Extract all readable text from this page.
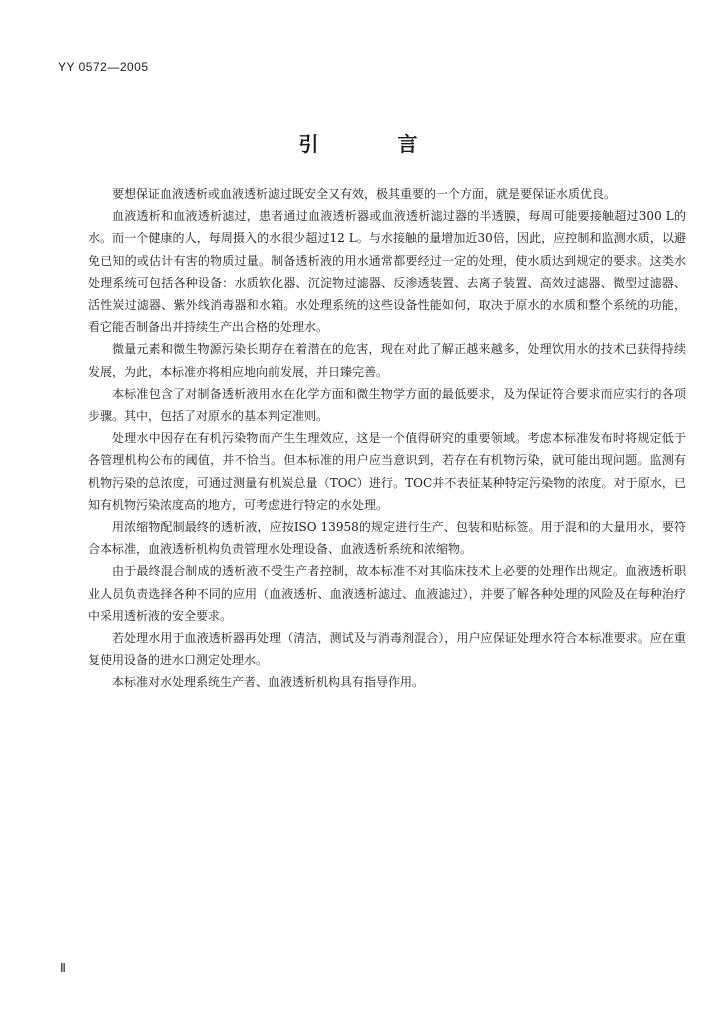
YY 0572—2005
引 言

要想保证血液透析或血液透析滤过既安全又有效，极其重要的一个方面，就是要保证水质优良。

血液透析和血液透析滤过，患者通过血液透析器或血液透析滤过器的半透膜，每周可能要接触超过300 L的水。而一个健康的人，每周摄入的水很少超过12 L。与水接触的量增加近30倍，因此，应控制和监测水质，以避免已知的或估计有害的物质过量。制备透析液的用水通常都要经过一定的处理，使水质达到规定的要求。这类水处理系统可包括各种设备：水质软化器、沉淀物过滤器、反渗透装置、去离子装置、高效过滤器、微型过滤器、活性炭过滤器、紫外线消毒器和水箱。水处理系统的这些设备性能如何，取决于原水的水质和整个系统的功能，看它能否制备出并持续生产出合格的处理水。

微量元素和微生物源污染长期存在着潜在的危害，现在对此了解正越来越多，处理饮用水的技术已获得持续发展，为此，本标准亦将相应地向前发展，并日臻完善。

本标准包含了对制备透析液用水在化学方面和微生物学方面的最低要求，及为保证符合要求而应实行的各项步骤。其中，包括了对原水的基本判定准则。

处理水中因存在有机污染物而产生生理效应，这是一个值得研究的重要领域。考虑本标准发布时将规定低于各管理机构公布的阈值，并不恰当。但本标准的用户应当意识到，若存在有机物污染，就可能出现问题。监测有机物污染的总浓度，可通过测量有机炭总量（TOC）进行。TOC并不表征某种特定污染物的浓度。对于原水，已知有机物污染浓度高的地方，可考虑进行特定的水处理。

用浓缩物配制最终的透析液，应按ISO 13958的规定进行生产、包装和贴标签。用于混和的大量用水，要符合本标准，血液透析机构负责管理水处理设备、血液透析系统和浓缩物。

由于最终混合制成的透析液不受生产者控制，故本标准不对其临床技术上必要的处理作出规定。血液透析职业人员负责选择各种不同的应用（血液透析、血液透析滤过、血液滤过），并要了解各种处理的风险及在每种治疗中采用透析液的安全要求。

若处理水用于血液透析器再处理（清洁，测试及与消毒剂混合），用户应保证处理水符合本标准要求。应在重复使用设备的进水口测定处理水。

本标准对水处理系统生产者、血液透析机构具有指导作用。

Ⅱ
